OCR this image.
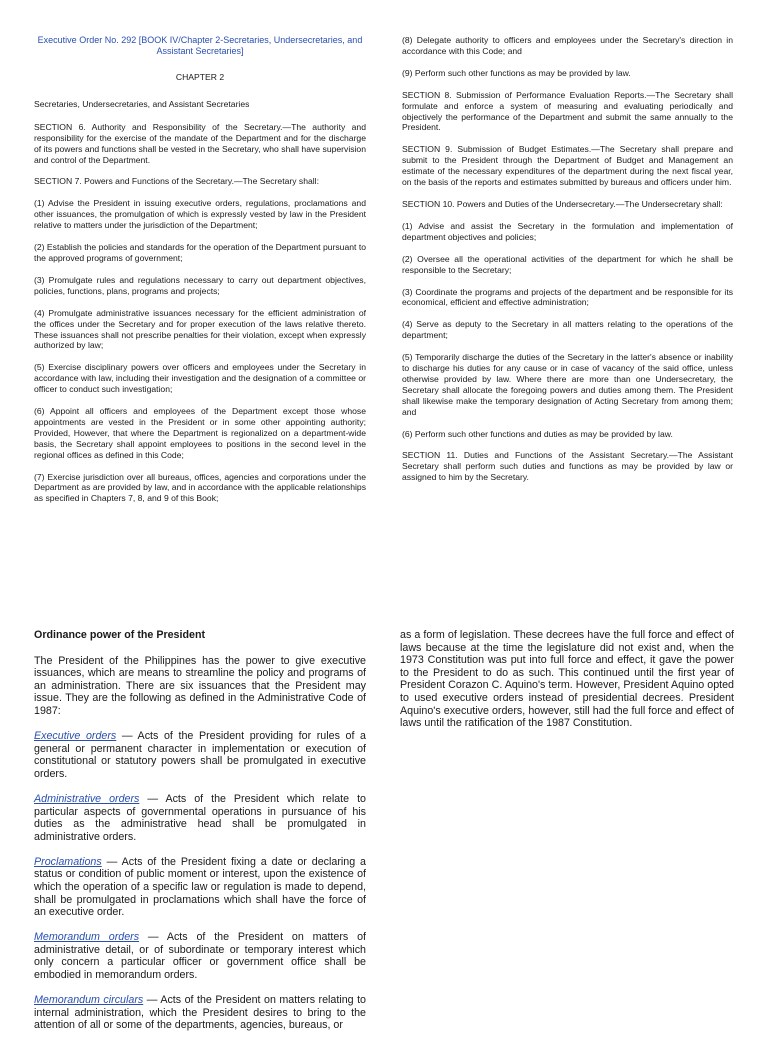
Executive Order No. 292 [BOOK IV/Chapter 2-Secretaries, Undersecretaries, and Assistant Secretaries]

CHAPTER 2

Secretaries, Undersecretaries, and Assistant Secretaries

SECTION 6. Authority and Responsibility of the Secretary.—The authority and responsibility for the exercise of the mandate of the Department and for the discharge of its powers and functions shall be vested in the Secretary, who shall have supervision and control of the Department.

SECTION 7. Powers and Functions of the Secretary.—The Secretary shall:

(1) Advise the President in issuing executive orders, regulations, proclamations and other issuances, the promulgation of which is expressly vested by law in the President relative to matters under the jurisdiction of the Department;

(2) Establish the policies and standards for the operation of the Department pursuant to the approved programs of government;

(3) Promulgate rules and regulations necessary to carry out department objectives, policies, functions, plans, programs and projects;

(4) Promulgate administrative issuances necessary for the efficient administration of the offices under the Secretary and for proper execution of the laws relative thereto. These issuances shall not prescribe penalties for their violation, except when expressly authorized by law;

(5) Exercise disciplinary powers over officers and employees under the Secretary in accordance with law, including their investigation and the designation of a committee or officer to conduct such investigation;

(6) Appoint all officers and employees of the Department except those whose appointments are vested in the President or in some other appointing authority; Provided, However, that where the Department is regionalized on a department-wide basis, the Secretary shall appoint employees to positions in the second level in the regional offices as defined in this Code;

(7) Exercise jurisdiction over all bureaus, offices, agencies and corporations under the Department as are provided by law, and in accordance with the applicable relationships as specified in Chapters 7, 8, and 9 of this Book;

(8) Delegate authority to officers and employees under the Secretary's direction in accordance with this Code; and

(9) Perform such other functions as may be provided by law.

SECTION 8. Submission of Performance Evaluation Reports.—The Secretary shall formulate and enforce a system of measuring and evaluating periodically and objectively the performance of the Department and submit the same annually to the President.

SECTION 9. Submission of Budget Estimates.—The Secretary shall prepare and submit to the President through the Department of Budget and Management an estimate of the necessary expenditures of the department during the next fiscal year, on the basis of the reports and estimates submitted by bureaus and officers under him.

SECTION 10. Powers and Duties of the Undersecretary.—The Undersecretary shall:

(1) Advise and assist the Secretary in the formulation and implementation of department objectives and policies;

(2) Oversee all the operational activities of the department for which he shall be responsible to the Secretary;

(3) Coordinate the programs and projects of the department and be responsible for its economical, efficient and effective administration;

(4) Serve as deputy to the Secretary in all matters relating to the operations of the department;

(5) Temporarily discharge the duties of the Secretary in the latter's absence or inability to discharge his duties for any cause or in case of vacancy of the said office, unless otherwise provided by law. Where there are more than one Undersecretary, the Secretary shall allocate the foregoing powers and duties among them. The President shall likewise make the temporary designation of Acting Secretary from among them; and

(6) Perform such other functions and duties as may be provided by law.

SECTION 11. Duties and Functions of the Assistant Secretary.—The Assistant Secretary shall perform such duties and functions as may be provided by law or assigned to him by the Secretary.

Ordinance power of the President

The President of the Philippines has the power to give executive issuances, which are means to streamline the policy and programs of an administration. There are six issuances that the President may issue. They are the following as defined in the Administrative Code of 1987:

Executive orders — Acts of the President providing for rules of a general or permanent character in implementation or execution of constitutional or statutory powers shall be promulgated in executive orders.

Administrative orders — Acts of the President which relate to particular aspects of governmental operations in pursuance of his duties as the administrative head shall be promulgated in administrative orders.

Proclamations — Acts of the President fixing a date or declaring a status or condition of public moment or interest, upon the existence of which the operation of a specific law or regulation is made to depend, shall be promulgated in proclamations which shall have the force of an executive order.

Memorandum orders — Acts of the President on matters of administrative detail, or of subordinate or temporary interest which only concern a particular officer or government office shall be embodied in memorandum orders.

Memorandum circulars — Acts of the President on matters relating to internal administration, which the President desires to bring to the attention of all or some of the departments, agencies, bureaus, or

as a form of legislation. These decrees have the full force and effect of laws because at the time the legislature did not exist and, when the 1973 Constitution was put into full force and effect, it gave the power to the President to do as such. This continued until the first year of President Corazon C. Aquino's term. However, President Aquino opted to used executive orders instead of presidential decrees. President Aquino's executive orders, however, still had the full force and effect of laws until the ratification of the 1987 Constitution.
